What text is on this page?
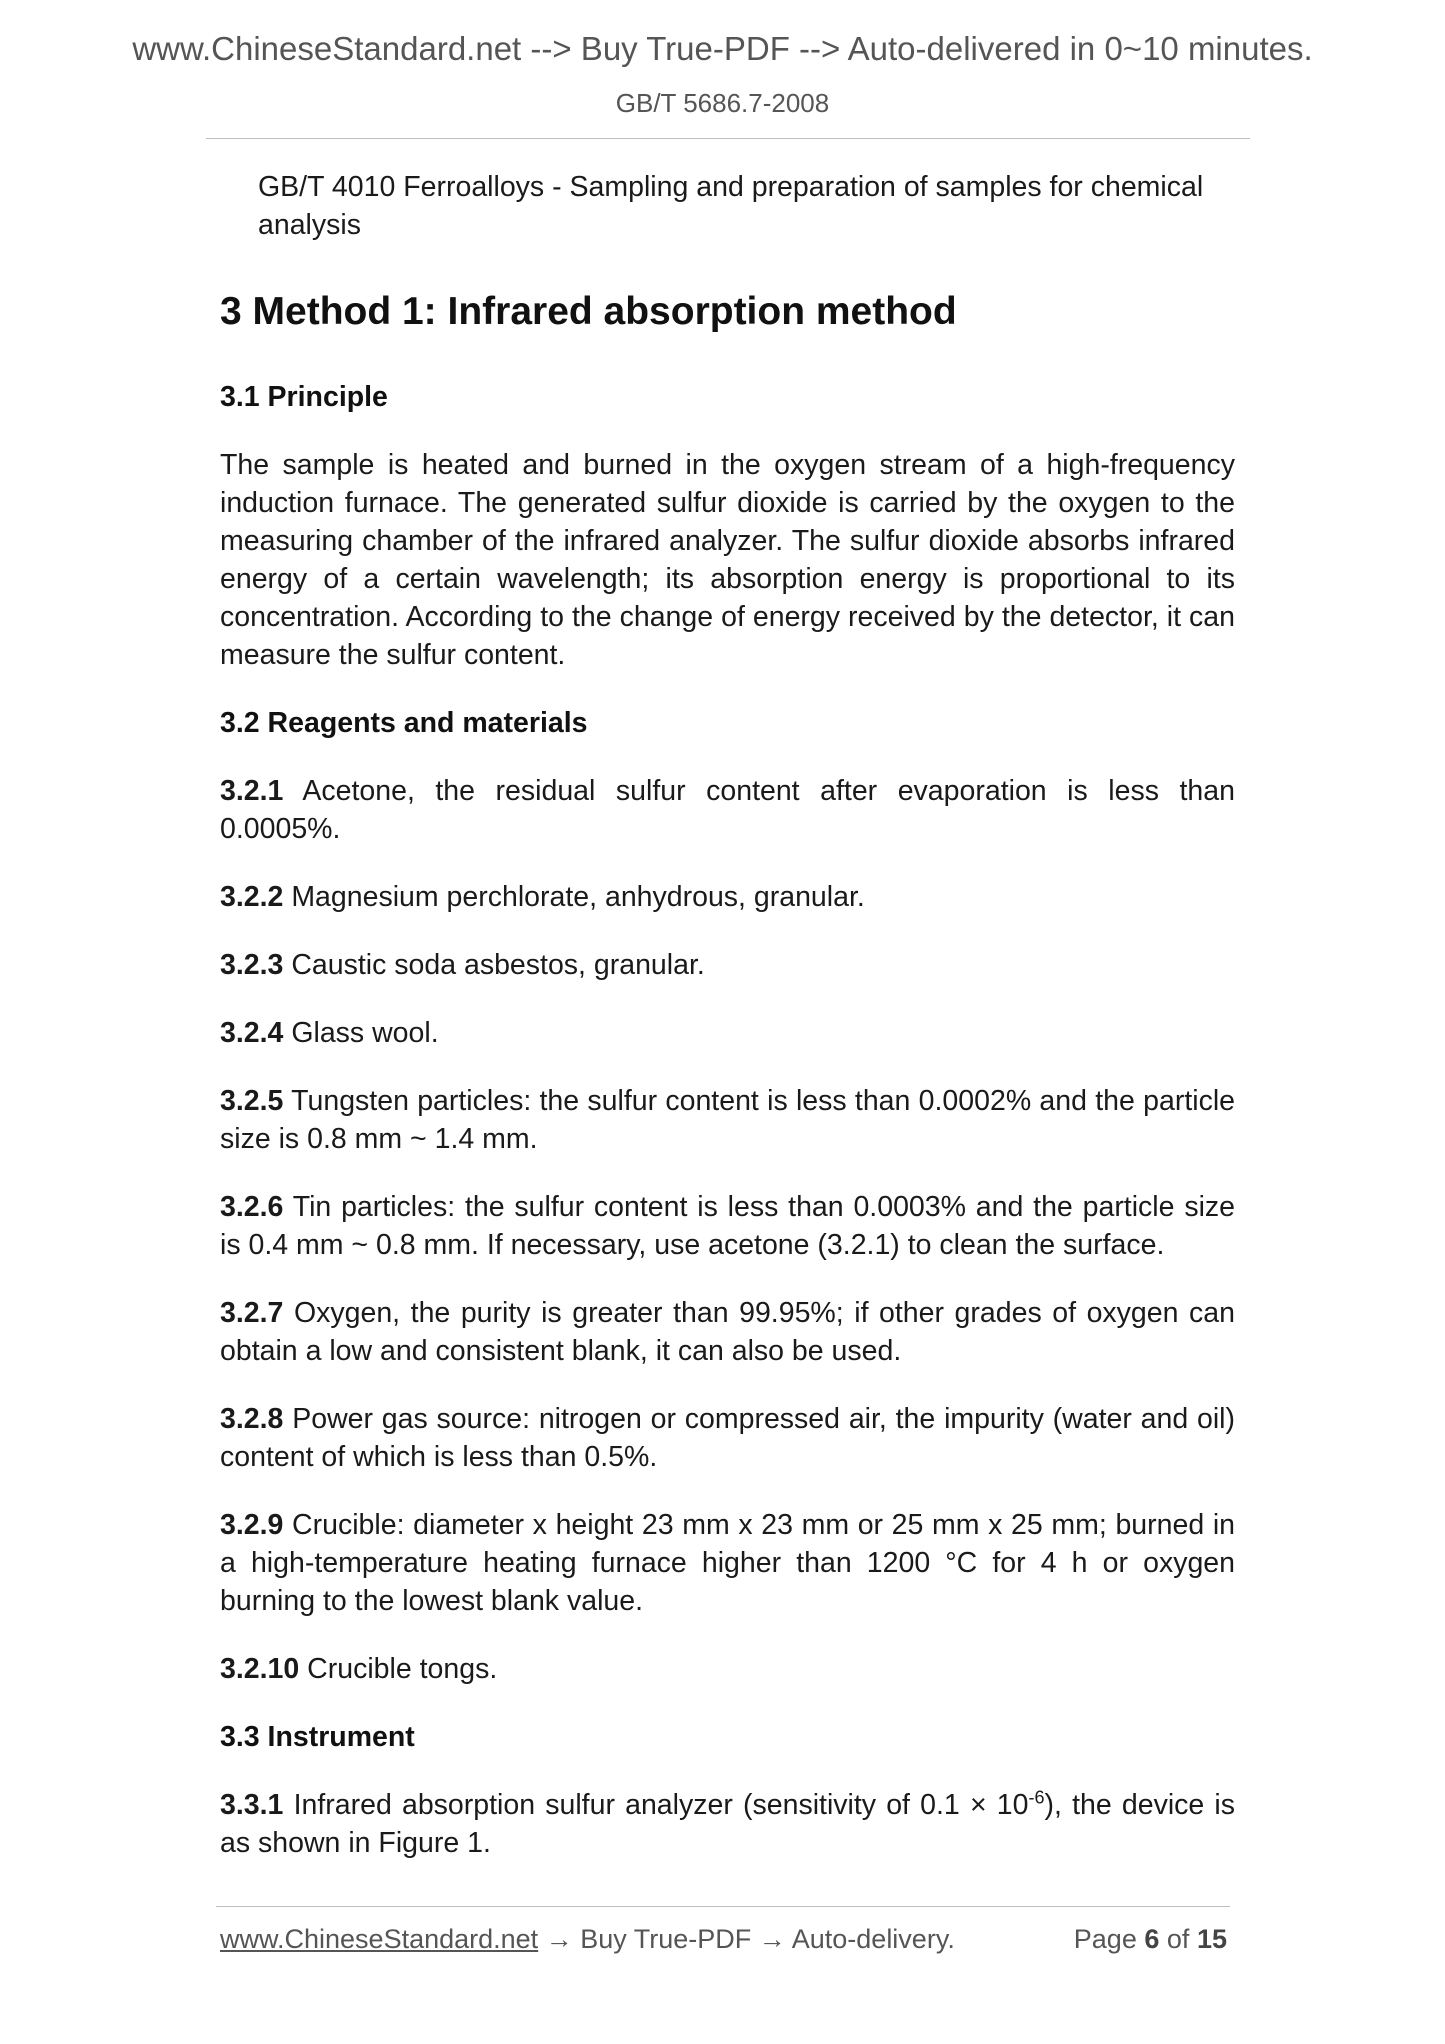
www.ChineseStandard.net --> Buy True-PDF --> Auto-delivered in 0~10 minutes.
GB/T 5686.7-2008
GB/T 4010 Ferroalloys - Sampling and preparation of samples for chemical analysis
3 Method 1: Infrared absorption method
3.1 Principle

The sample is heated and burned in the oxygen stream of a high-frequency induction furnace. The generated sulfur dioxide is carried by the oxygen to the measuring chamber of the infrared analyzer. The sulfur dioxide absorbs infrared energy of a certain wavelength; its absorption energy is proportional to its concentration. According to the change of energy received by the detector, it can measure the sulfur content.

3.2 Reagents and materials

3.2.1 Acetone, the residual sulfur content after evaporation is less than 0.0005%.

3.2.2 Magnesium perchlorate, anhydrous, granular.

3.2.3 Caustic soda asbestos, granular.

3.2.4 Glass wool.

3.2.5 Tungsten particles: the sulfur content is less than 0.0002% and the particle size is 0.8 mm ~ 1.4 mm.

3.2.6 Tin particles: the sulfur content is less than 0.0003% and the particle size is 0.4 mm ~ 0.8 mm. If necessary, use acetone (3.2.1) to clean the surface.

3.2.7 Oxygen, the purity is greater than 99.95%; if other grades of oxygen can obtain a low and consistent blank, it can also be used.

3.2.8 Power gas source: nitrogen or compressed air, the impurity (water and oil) content of which is less than 0.5%.

3.2.9 Crucible: diameter x height 23 mm x 23 mm or 25 mm x 25 mm; burned in a high-temperature heating furnace higher than 1200 °C for 4 h or oxygen burning to the lowest blank value.

3.2.10 Crucible tongs.

3.3 Instrument

3.3.1 Infrared absorption sulfur analyzer (sensitivity of $0.1 \times 10^{-6}$), the device is as shown in Figure 1.

www.ChineseStandard.net → Buy True-PDF → Auto-delivery.	Page 6 of 15
